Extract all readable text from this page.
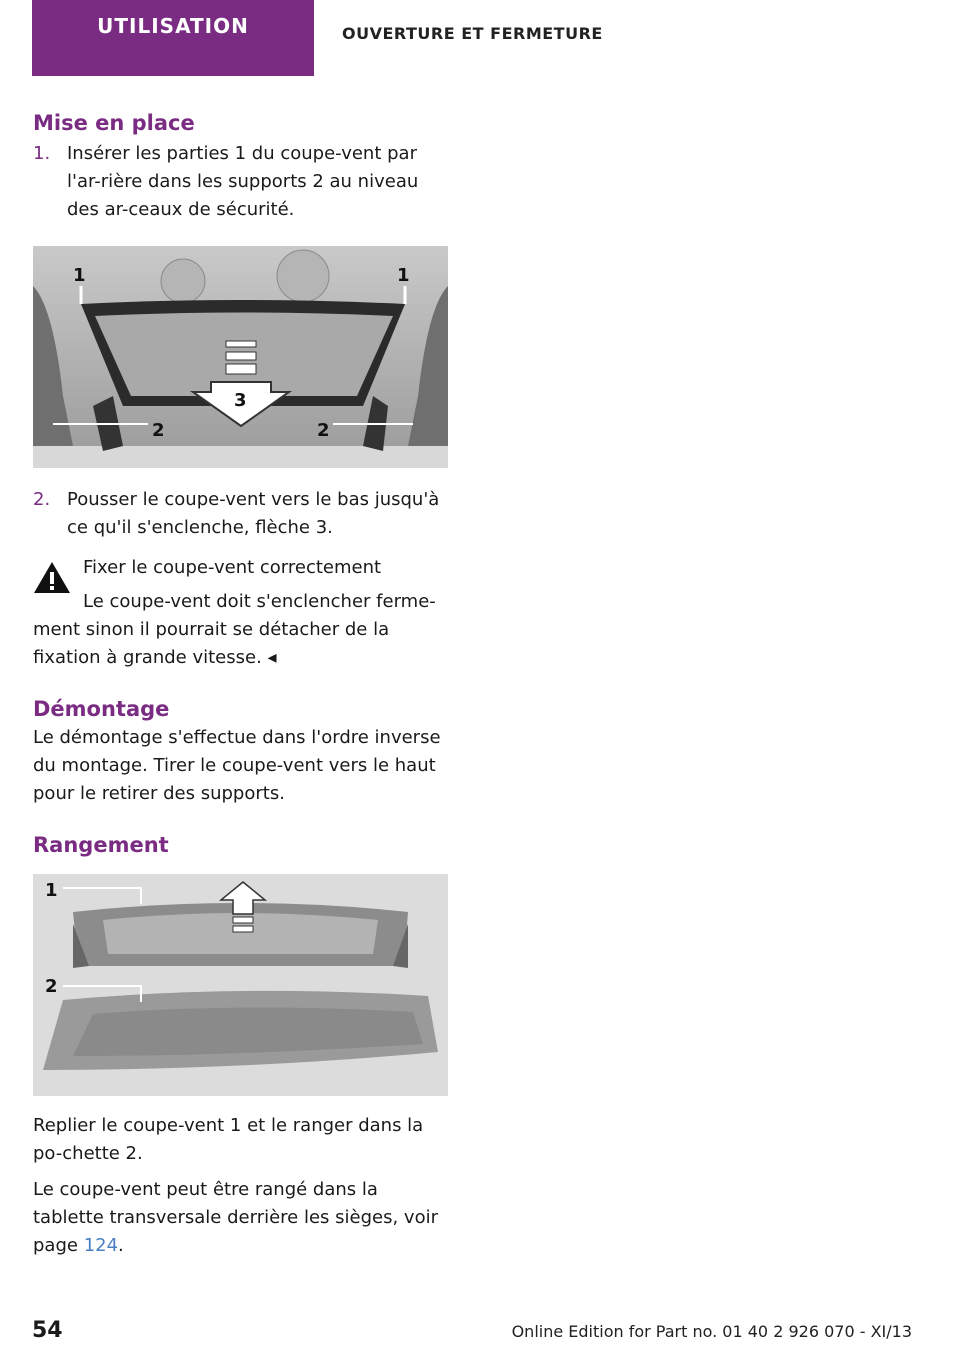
UTILISATION	OUVERTURE ET FERMETURE
Mise en place
1. Insérer les parties 1 du coupe-vent par l'ar-rière dans les supports 2 au niveau des ar-ceaux de sécurité.
1	1
3
2	2
2. Pousser le coupe-vent vers le bas jusqu'à ce qu'il s'enclenche, flèche 3.

Fixer le coupe-vent correctement

Le coupe-vent doit s'enclencher ferme-ment sinon il pourrait se détacher de la fixation à grande vitesse. ◂

Démontage

Le démontage s'effectue dans l'ordre inverse du montage. Tirer le coupe-vent vers le haut pour le retirer des supports.

Rangement
1
2

Replier le coupe-vent 1 et le ranger dans la po-chette 2.

Le coupe-vent peut être rangé dans la tablette transversale derrière les sièges, voir page 124.

54	Online Edition for Part no. 01 40 2 926 070 - XI/13
